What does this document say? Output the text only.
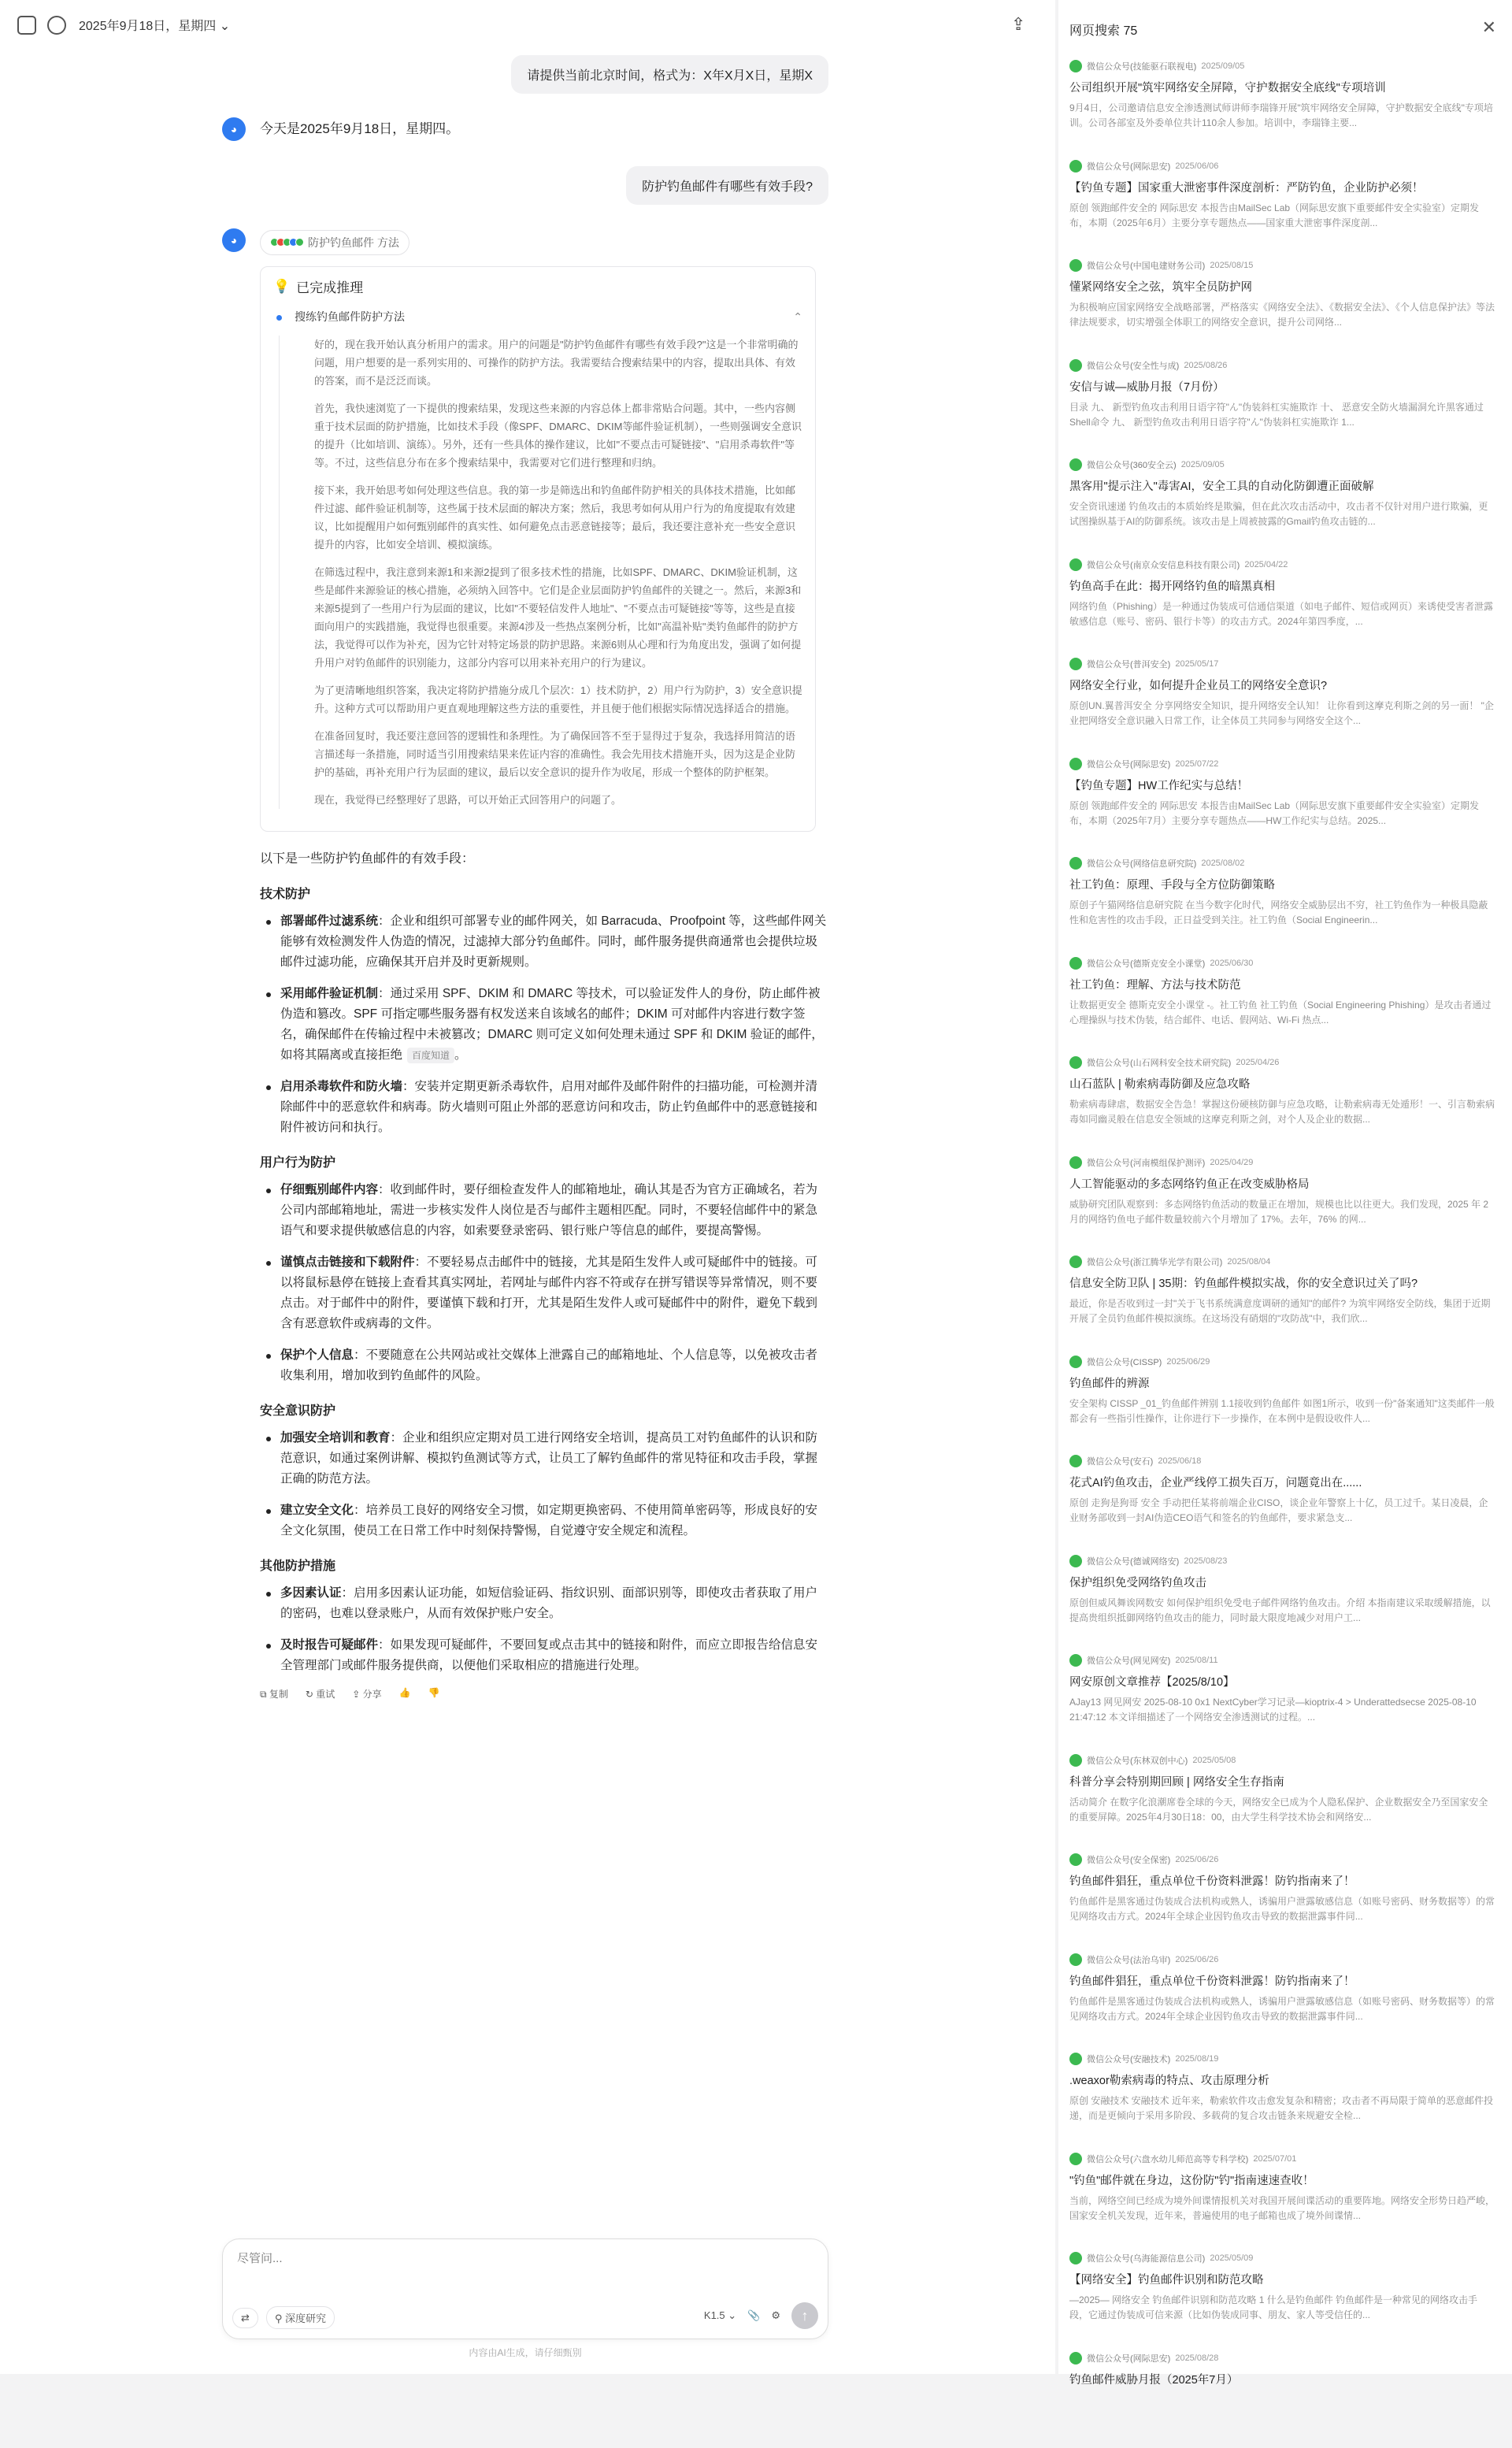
2025年9月18日，星期四 ⌄	⇪
请提供当前北京时间，格式为：X年X月X日，星期X
◕	今天是2025年9月18日，星期四。
防护钓鱼邮件有哪些有效手段?
◕	防护钓鱼邮件 方法
💡 已完成推理
搜练钓鱼邮件防护方法	⌃

好的，现在我开始认真分析用户的需求。用户的问题是"防护钓鱼邮件有哪些有效手段?"这是一个非常明确的问题，用户想要的是一系列实用的、可操作的防护方法。我需要结合搜索结果中的内容，提取出具体、有效的答案，而不是泛泛而谈。

首先，我快速浏览了一下提供的搜索结果，发现这些来源的内容总体上都非常贴合问题。其中，一些内容侧重于技术层面的防护措施，比如技术手段（像SPF、DMARC、DKIM等邮件验证机制），一些则强调安全意识的提升（比如培训、演练）。另外，还有一些具体的操作建议，比如"不要点击可疑链接"、"启用杀毒软件"等等。不过，这些信息分布在多个搜索结果中，我需要对它们进行整理和归纳。

接下来，我开始思考如何处理这些信息。我的第一步是筛选出和钓鱼邮件防护相关的具体技术措施，比如邮件过滤、邮件验证机制等，这些属于技术层面的解决方案；然后，我思考如何从用户行为的角度提取有效建议，比如提醒用户如何甄别邮件的真实性、如何避免点击恶意链接等；最后，我还要注意补充一些安全意识提升的内容，比如安全培训、模拟演练。

在筛选过程中，我注意到来源1和来源2提到了很多技术性的措施，比如SPF、DMARC、DKIM验证机制，这些是邮件来源验证的核心措施，必须纳入回答中。它们是企业层面防护钓鱼邮件的关键之一。然后，来源3和来源5提到了一些用户行为层面的建议，比如"不要轻信发件人地址"、"不要点击可疑链接"等等，这些是直接面向用户的实践措施，我觉得也很重要。来源4涉及一些热点案例分析，比如"高温补贴"类钓鱼邮件的防护方法，我觉得可以作为补充，因为它针对特定场景的防护思路。来源6则从心理和行为角度出发，强调了如何提升用户对钓鱼邮件的识别能力，这部分内容可以用来补充用户的行为建议。

为了更清晰地组织答案，我决定将防护措施分成几个层次：1）技术防护，2）用户行为防护，3）安全意识提升。这种方式可以帮助用户更直观地理解这些方法的重要性，并且便于他们根据实际情况选择适合的措施。

在准备回复时，我还要注意回答的逻辑性和条理性。为了确保回答不至于显得过于复杂，我选择用简洁的语言描述每一条措施，同时适当引用搜索结果来佐证内容的准确性。我会先用技术措施开头，因为这是企业防护的基础，再补充用户行为层面的建议，最后以安全意识的提升作为收尾，形成一个整体的防护框架。

现在，我觉得已经整理好了思路，可以开始正式回答用户的问题了。

以下是一些防护钓鱼邮件的有效手段：

技术防护
部署邮件过滤系统：企业和组织可部署专业的邮件网关，如 Barracuda、Proofpoint 等，这些邮件网关能够有效检测发件人伪造的情况，过滤掉大部分钓鱼邮件。同时，邮件服务提供商通常也会提供垃圾邮件过滤功能，应确保其开启并及时更新规则。
采用邮件验证机制：通过采用 SPF、DKIM 和 DMARC 等技术，可以验证发件人的身份，防止邮件被伪造和篡改。SPF 可指定哪些服务器有权发送来自该域名的邮件；DKIM 可对邮件内容进行数字签名，确保邮件在传输过程中未被篡改；DMARC 则可定义如何处理未通过 SPF 和 DKIM 验证的邮件，如将其隔离或直接拒绝 百度知道 。
启用杀毒软件和防火墙：安装并定期更新杀毒软件，启用对邮件及邮件附件的扫描功能，可检测并清除邮件中的恶意软件和病毒。防火墙则可阻止外部的恶意访问和攻击，防止钓鱼邮件中的恶意链接和附件被访问和执行。
用户行为防护
仔细甄别邮件内容：收到邮件时，要仔细检查发件人的邮箱地址，确认其是否为官方正确域名，若为公司内部邮箱地址，需进一步核实发件人岗位是否与邮件主题相匹配。同时，不要轻信邮件中的紧急语气和要求提供敏感信息的内容，如索要登录密码、银行账户等信息的邮件，要提高警惕。
谨慎点击链接和下载附件：不要轻易点击邮件中的链接，尤其是陌生发件人或可疑邮件中的链接。可以将鼠标悬停在链接上查看其真实网址，若网址与邮件内容不符或存在拼写错误等异常情况，则不要点击。对于邮件中的附件，要谨慎下载和打开，尤其是陌生发件人或可疑邮件中的附件，避免下载到含有恶意软件或病毒的文件。
保护个人信息：不要随意在公共网站或社交媒体上泄露自己的邮箱地址、个人信息等，以免被攻击者收集利用，增加收到钓鱼邮件的风险。
安全意识防护
加强安全培训和教育：企业和组织应定期对员工进行网络安全培训，提高员工对钓鱼邮件的认识和防范意识，如通过案例讲解、模拟钓鱼测试等方式，让员工了解钓鱼邮件的常见特征和攻击手段，掌握正确的防范方法。
建立安全文化：培养员工良好的网络安全习惯，如定期更换密码、不使用简单密码等，形成良好的安全文化氛围，使员工在日常工作中时刻保持警惕，自觉遵守安全规定和流程。
其他防护措施
多因素认证：启用多因素认证功能，如短信验证码、指纹识别、面部识别等，即使攻击者获取了用户的密码，也难以登录账户，从而有效保护账户安全。
及时报告可疑邮件：如果发现可疑邮件，不要回复或点击其中的链接和附件，而应立即报告给信息安全管理部门或邮件服务提供商，以便他们采取相应的措施进行处理。
⧉ 复制 ↻ 重试 ⇪ 分享 👍 👎
尽管问...
⇄	⚲ 深度研究	K1.5 ⌄ 📎 ⚙	↑
内容由AI生成，请仔细甄别
网页搜索 75	✕
微信公众号(技能驱石联视电) 2025/09/05
公司组织开展"筑牢网络安全屏障，守护数据安全底线"专项培训
9月4日，公司邀请信息安全渗透测试师讲师李瑞锋开展"筑牢网络安全屏障，守护数据安全底线"专项培训。公司各部室及外委单位共计110余人参加。培训中，李瑞锋主要...
微信公众号(网际思安) 2025/06/06
【钓鱼专题】国家重大泄密事件深度剖析：严防钓鱼，企业防护必须！
原创 领跑邮件安全的 网际思安 本报告由MailSec Lab（网际思安旗下重要邮件安全实验室）定期发布，本期（2025年6月）主要分享专题热点——国家重大泄密事件深度剖...
微信公众号(中国电建财务公司) 2025/08/15
懂紧网络安全之弦，筑牢全员防护网
为积极响应国家网络安全战略部署，严格落实《网络安全法》、《数据安全法》、《个人信息保护法》等法律法规要求，切实增强全体职工的网络安全意识，提升公司网络...
微信公众号(安全性与成) 2025/08/26
安信与诚—威胁月报（7月份）
目录 九、 新型钓鱼攻击利用日语字符"ん"伪装斜杠实施欺诈 十、 恶意安全防火墙漏洞允许黑客通过Shell命令 九、 新型钓鱼攻击利用日语字符"ん"伪装斜杠实施欺诈 1...
微信公众号(360安全云) 2025/09/05
黑客用"提示注入"毒害AI，安全工具的自动化防御遭正面破解
安全资讯速递 钓鱼攻击的本质始终是欺骗，但在此次攻击活动中，攻击者不仅针对用户进行欺骗，更试图操纵基于AI的防御系统。该攻击是上周被披露的Gmail钓鱼攻击链的...
微信公众号(南京众安信息科技有限公司) 2025/04/22
钓鱼高手在此：揭开网络钓鱼的暗黑真相
网络钓鱼（Phishing）是一种通过伪装成可信通信渠道（如电子邮件、短信或网页）来诱使受害者泄露敏感信息（账号、密码、银行卡等）的攻击方式。2024年第四季度，...
微信公众号(普洱安全) 2025/05/17
网络安全行业，如何提升企业员工的网络安全意识?
原创UN.翼普洱安全 分享网络安全知识，提升网络安全认知！ 让你看到这摩克利斯之剑的另一面！ "企业把网络安全意识融入日常工作，让全体员工共同参与网络安全这个...
微信公众号(网际思安) 2025/07/22
【钓鱼专题】HW工作纪实与总结！
原创 领跑邮件安全的 网际思安 本报告由MailSec Lab（网际思安旗下重要邮件安全实验室）定期发布，本期（2025年7月）主要分享专题热点——HW工作纪实与总结。2025...
微信公众号(网络信息研究院) 2025/08/02
社工钓鱼：原理、手段与全方位防御策略
原创子午猫网络信息研究院 在当今数字化时代，网络安全威胁层出不穷，社工钓鱼作为一种极具隐蔽性和危害性的攻击手段，正日益受到关注。社工钓鱼（Social Engineerin...
微信公众号(德斯克安全小课堂) 2025/06/30
社工钓鱼：理解、方法与技术防范
让数据更安全 德斯克安全小课堂 -。社工钓鱼 社工钓鱼（Social Engineering Phishing）是攻击者通过心理操纵与技术伪装，结合邮件、电话、假网站、Wi-Fi 热点...
微信公众号(山石网科安全技术研究院) 2025/04/26
山石蓝队 | 勒索病毒防御及应急攻略
勒索病毒肆虐，数据安全告急！掌握这份硬核防御与应急攻略，让勒索病毒无处遁形！一、引言勒索病毒如同幽灵般在信息安全领域的这摩克利斯之剑，对个人及企业的数据...
微信公众号(河南模组保护测评) 2025/04/29
人工智能驱动的多态网络钓鱼正在改变威胁格局
威胁研究团队观察到：多态网络钓鱼活动的数量正在增加，规模也比以往更大。我们发现，2025 年 2 月的网络钓鱼电子邮件数量较前六个月增加了 17%。去年，76% 的网...
微信公众号(浙江腾华光学有限公司) 2025/08/04
信息安全防卫队 | 35期：钓鱼邮件模拟实战，你的安全意识过关了吗?
最近，你是否收到过一封"关于飞书系统满意度调研的通知"的邮件? 为筑牢网络安全防线，集团于近期开展了全员钓鱼邮件模拟演练。在这场没有硝烟的"攻防战"中，我们欣...
微信公众号(CISSP) 2025/06/29
钓鱼邮件的辨源
安全架构 CISSP _01_钓鱼邮件辨别 1.1接收到钓鱼邮件 如图1所示，收到一份"备案通知"这类邮件一般都会有一些指引性操作，让你进行下一步操作，在本例中是假设收件人...
微信公众号(安石) 2025/06/18
花式AI钓鱼攻击，企业严线停工损失百万，问题竟出在......
原创 走狗是狗哥 安全 手动把任某将前端企业CISO，谈企业年警察上十亿，员工过千。某日凌晨，企业财务部收到一封AI伪造CEO语气和签名的钓鱼邮件，要求紧急支...
微信公众号(德诚网络安) 2025/08/23
保护组织免受网络钓鱼攻击
原创但威风舞诶网数安 如何保护组织免受电子邮件网络钓鱼攻击。介绍 本指南建议采取缓解措施，以提高贵组织抵御网络钓鱼攻击的能力，同时最大限度地减少对用户工...
微信公众号(网见网安) 2025/08/11
网安原创文章推荐【2025/8/10】
AJay13 网见网安 2025-08-10 0x1 NextCyber学习记录—kioptrix-4 > Underattedsecse 2025-08-10 21:47:12 本文详细描述了一个网络安全渗透测试的过程。...
微信公众号(东林双创中心) 2025/05/08
科普分享会特别期回顾 | 网络安全生存指南
活动简介 在数字化浪潮席卷全球的今天，网络安全已成为个人隐私保护、企业数据安全乃至国家安全的重要屏障。2025年4月30日18：00，由大学生科学技术协会和网络安...
微信公众号(安全保密) 2025/06/26
钓鱼邮件猖狂，重点单位千份资料泄露！防钓指南来了！
钓鱼邮件是黑客通过伪装成合法机构或熟人，诱骗用户泄露敏感信息（如账号密码、财务数据等）的常见网络攻击方式。2024年全球企业因钓鱼攻击导致的数据泄露事件同...
微信公众号(法治乌审) 2025/06/26
钓鱼邮件猖狂，重点单位千份资料泄露！防钓指南来了！
钓鱼邮件是黑客通过伪装成合法机构或熟人，诱骗用户泄露敏感信息（如账号密码、财务数据等）的常见网络攻击方式。2024年全球企业因钓鱼攻击导致的数据泄露事件同...
微信公众号(安融技术) 2025/08/19
.weaxor勒索病毒的特点、攻击原理分析
原创 安融技术 安融技术 近年来，勒索软件攻击愈发复杂和精密；攻击者不再局限于简单的恶意邮件投递，而是更倾向于采用多阶段、多载荷的复合攻击链条来规避安全检...
微信公众号(六盘水幼儿师范高等专科学校) 2025/07/01
"钓鱼"邮件就在身边，这份防"钓"指南速速查收！
当前，网络空间已经成为境外间谍情报机关对我国开展间谍活动的重要阵地。网络安全形势日趋严峻，国家安全机关发现，近年来，普遍使用的电子邮箱也成了境外间谍情...
微信公众号(乌海能源信息公司) 2025/05/09
【网络安全】钓鱼邮件识别和防范攻略
—2025— 网络安全 钓鱼邮件识别和防范攻略 1 什么是钓鱼邮件 钓鱼邮件是一种常见的网络攻击手段，它通过伪装成可信来源（比如伪装成同事、朋友、家人等受信任的...
微信公众号(网际思安) 2025/08/28
钓鱼邮件威胁月报（2025年7月）
